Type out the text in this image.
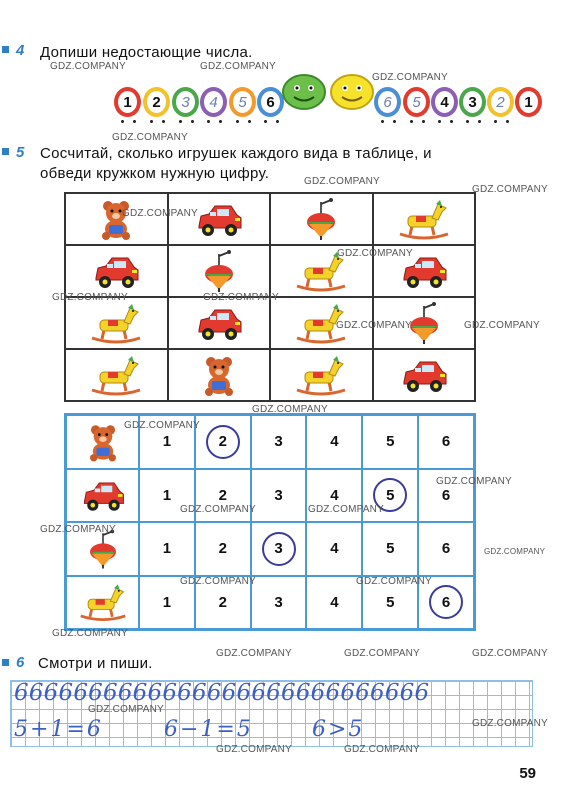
4 Допиши недостающие числа.
1	2	3	4	5	6	6	5	4	3	2	1
5 Сосчитай, сколько игрушек каждого вида в таблице, и
обведи кружком нужную цифру.
1	2	3	4	5	6
1	2	3	4	5	6
1	2	3	4	5	6
1	2	3	4	5	6
6 Смотри и пиши.
6666666666666666666666666666
5+1=6	6−1=5	6>5
59
GDZ.COMPANY	GDZ.COMPANY
GDZ.COMPANY
GDZ.COMPANY
GDZ.COMPANY
GDZ.COMPANY
GDZ.COMPANY
GDZ.COMPANY
GDZ.COMPANY	GDZ.COMPANY
GDZ.COMPANY	GDZ.COMPANY
GDZ.COMPANY
GDZ.COMPANY
GDZ.COMPANY
GDZ.COMPANY	GDZ.COMPANY
GDZ.COMPANY
GDZ.COMPANY
GDZ.COMPANY	GDZ.COMPANY
GDZ.COMPANY
GDZ.COMPANY	GDZ.COMPANY	GDZ.COMPANY
GDZ.COMPANY
GDZ.COMPANY
GDZ.COMPANY	GDZ.COMPANY
